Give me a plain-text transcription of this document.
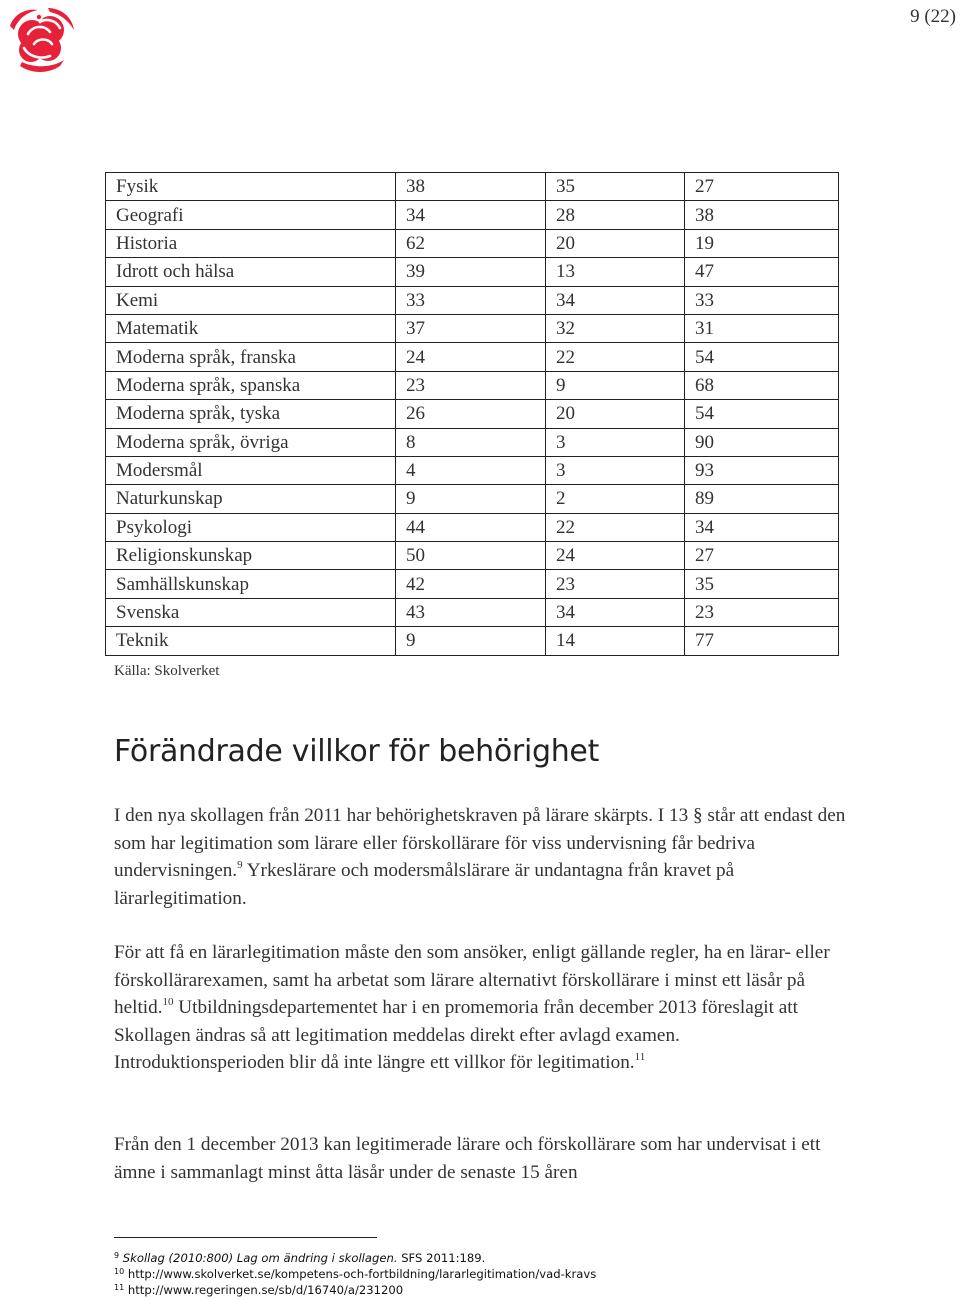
9 (22)
Fysik	38	35	27
Geografi	34	28	38
Historia	62	20	19
Idrott och hälsa	39	13	47
Kemi	33	34	33
Matematik	37	32	31
Moderna språk, franska	24	22	54
Moderna språk, spanska	23	9	68
Moderna språk, tyska	26	20	54
Moderna språk, övriga	8	3	90
Modersmål	4	3	93
Naturkunskap	9	2	89
Psykologi	44	22	34
Religionskunskap	50	24	27
Samhällskunskap	42	23	35
Svenska	43	34	23
Teknik	9	14	77
Källa: Skolverket
Förändrade villkor för behörighet

I den nya skollagen från 2011 har behörighetskraven på lärare skärpts. I 13 § står att endast den som har legitimation som lärare eller förskollärare för viss undervisning får bedriva undervisningen.$^9$ Yrkeslärare och modersmålslärare är undantagna från kravet på lärarlegitimation.

För att få en lärarlegitimation måste den som ansöker, enligt gällande regler, ha en lärar- eller förskollärarexamen, samt ha arbetat som lärare alternativt förskollärare i minst ett läsår på heltid.$^{10}$ Utbildningsdepartementet har i en promemoria från december 2013 föreslagit att Skollagen ändras så att legitimation meddelas direkt efter avlagd examen. Introduktionsperioden blir då inte längre ett villkor för legitimation.$^{11}$

Från den 1 december 2013 kan legitimerade lärare och förskollärare som har undervisat i ett ämne i sammanlagt minst åtta läsår under de senaste 15 åren

$^9$ Skollag (2010:800) Lag om ändring i skollagen. SFS 2011:189.
$^{10}$ http://www.skolverket.se/kompetens-och-fortbildning/lararlegitimation/vad-kravs
$^{11}$ http://www.regeringen.se/sb/d/16740/a/231200
